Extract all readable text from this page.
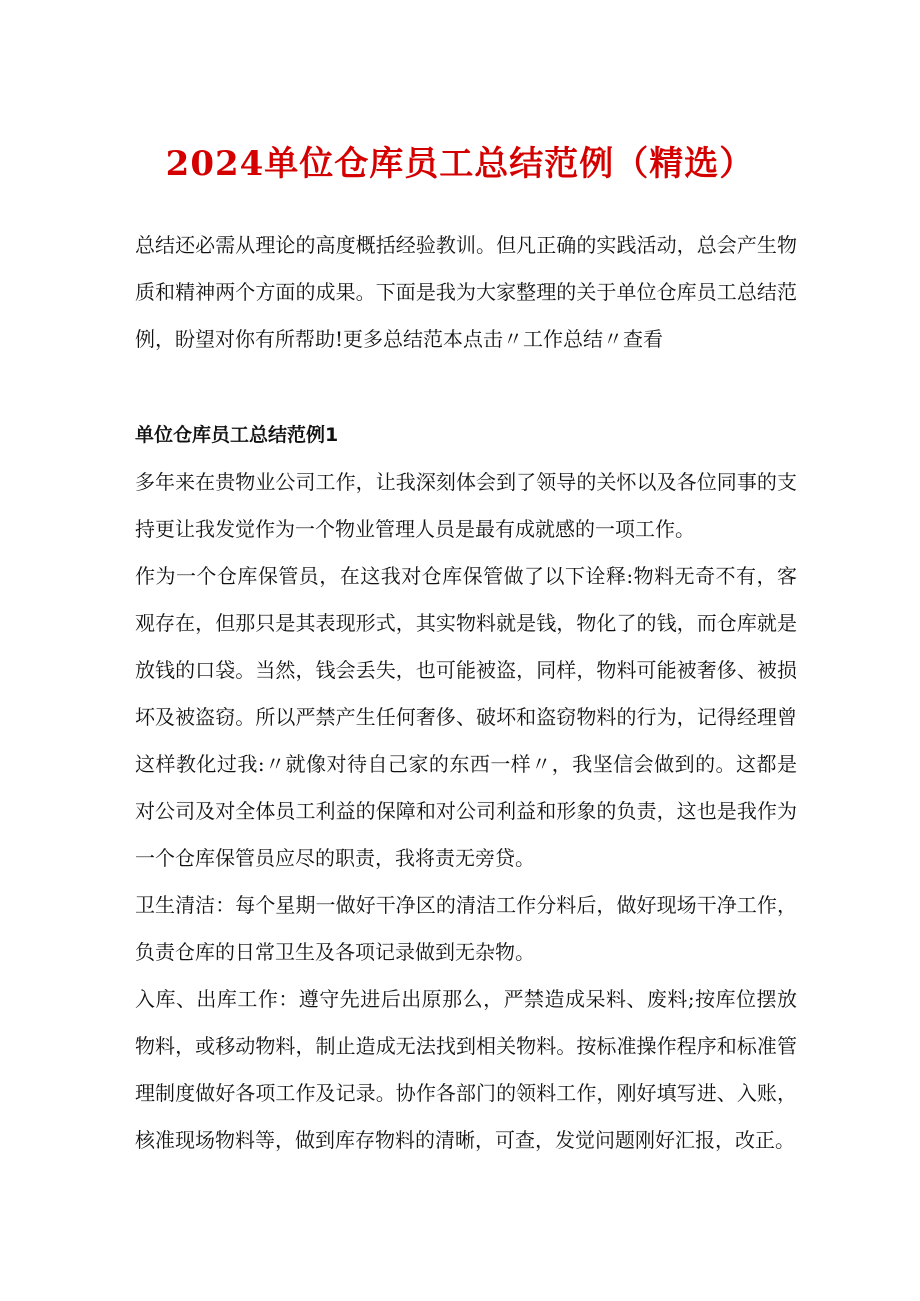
2024单位仓库员工总结范例（精选）

总结还必需从理论的高度概括经验教训。但凡正确的实践活动，总会产生物质和精神两个方面的成果。下面是我为大家整理的关于单位仓库员工总结范例，盼望对你有所帮助!更多总结范本点击〃工作总结〃查看

单位仓库员工总结范例1

多年来在贵物业公司工作，让我深刻体会到了领导的关怀以及各位同事的支持更让我发觉作为一个物业管理人员是最有成就感的一项工作。

作为一个仓库保管员，在这我对仓库保管做了以下诠释:物料无奇不有，客观存在，但那只是其表现形式，其实物料就是钱，物化了的钱，而仓库就是放钱的口袋。当然，钱会丢失，也可能被盗，同样，物料可能被奢侈、被损坏及被盗窃。所以严禁产生任何奢侈、破坏和盗窃物料的行为，记得经理曾这样教化过我:〃就像对待自己家的东西一样〃，我坚信会做到的。这都是对公司及对全体员工利益的保障和对公司利益和形象的负责，这也是我作为一个仓库保管员应尽的职责，我将责无旁贷。

卫生清洁：每个星期一做好干净区的清洁工作分料后，做好现场干净工作，负责仓库的日常卫生及各项记录做到无杂物。

入库、出库工作：遵守先进后出原那么，严禁造成呆料、废料;按库位摆放物料，或移动物料，制止造成无法找到相关物料。按标准操作程序和标准管理制度做好各项工作及记录。协作各部门的领料工作，刚好填写进、入账，核准现场物料等，做到库存物料的清晰，可查，发觉问题刚好汇报，改正。
